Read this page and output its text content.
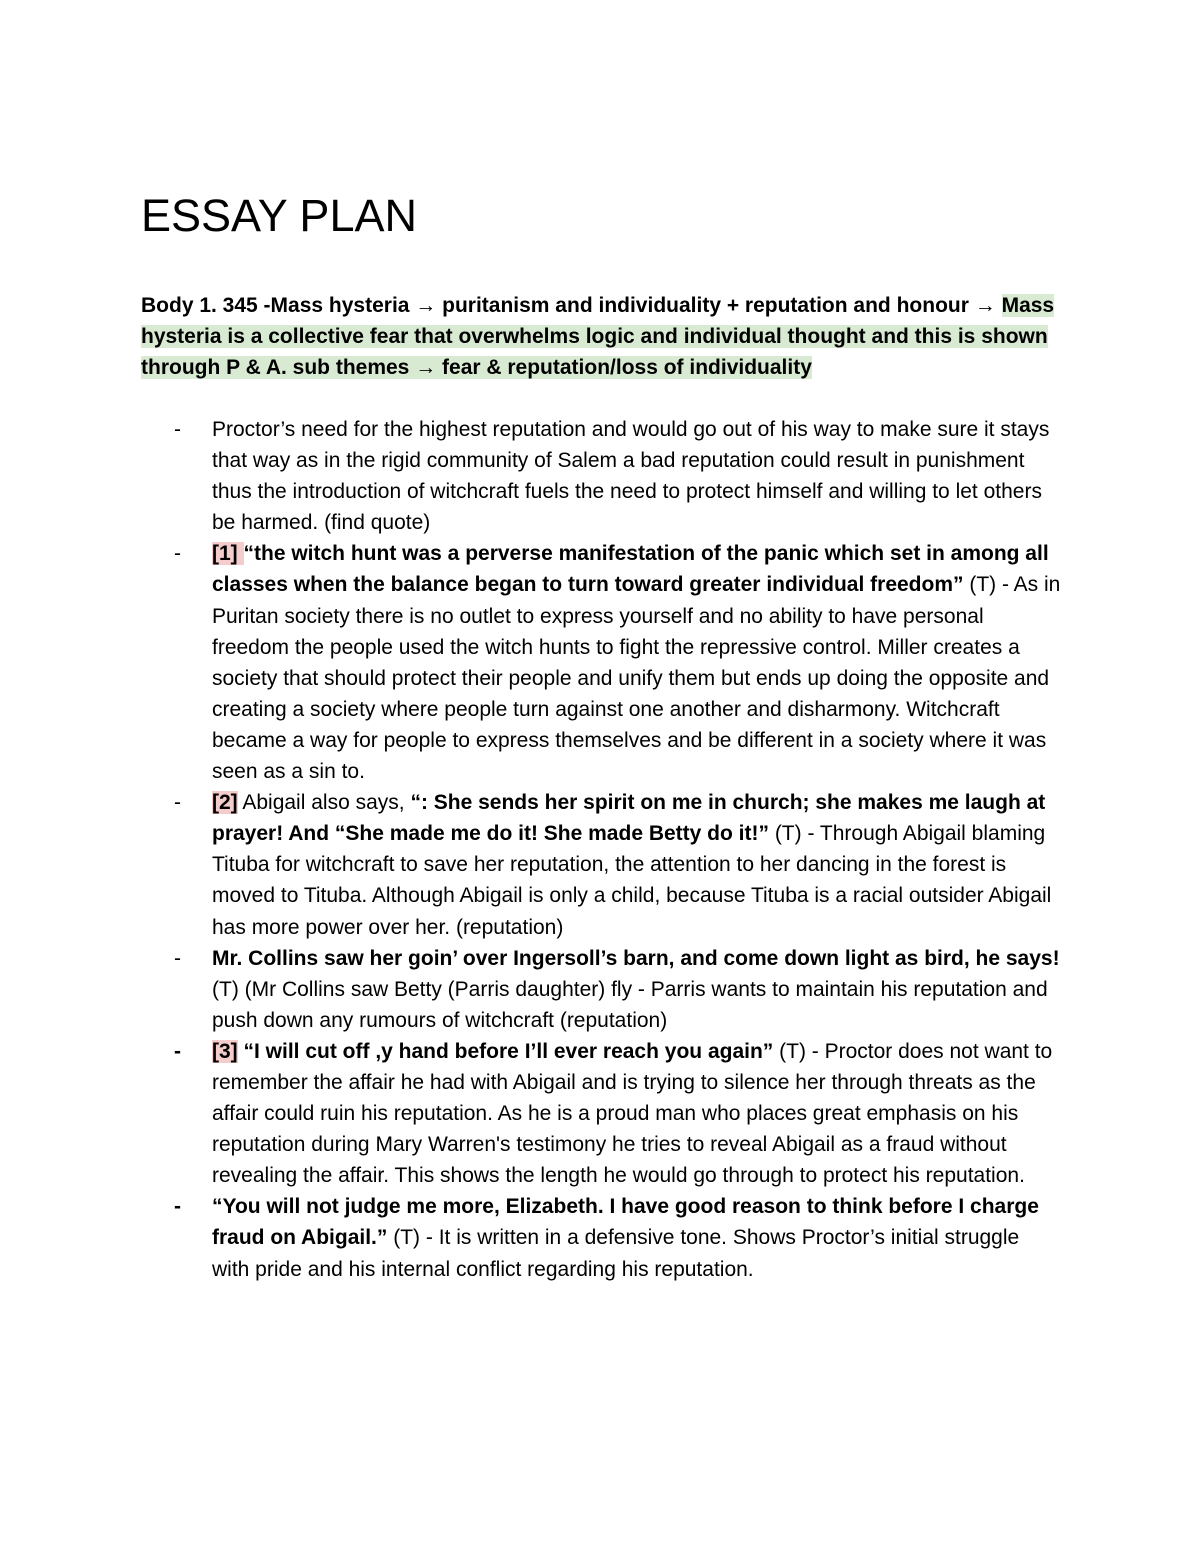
ESSAY PLAN
Body 1. 345 -Mass hysteria → puritanism and individuality + reputation and honour → Mass hysteria is a collective fear that overwhelms logic and individual thought and this is shown through P & A. sub themes → fear & reputation/loss of individuality
- Proctor’s need for the highest reputation and would go out of his way to make sure it stays that way as in the rigid community of Salem a bad reputation could result in punishment thus the introduction of witchcraft fuels the need to protect himself and willing to let others be harmed. (find quote)
- [1] “the witch hunt was a perverse manifestation of the panic which set in among all classes when the balance began to turn toward greater individual freedom” (T) - As in Puritan society there is no outlet to express yourself and no ability to have personal freedom the people used the witch hunts to fight the repressive control. Miller creates a society that should protect their people and unify them but ends up doing the opposite and creating a society where people turn against one another and disharmony. Witchcraft became a way for people to express themselves and be different in a society where it was seen as a sin to.
- [2] Abigail also says, “: She sends her spirit on me in church; she makes me laugh at prayer! And “She made me do it! She made Betty do it!” (T) - Through Abigail blaming Tituba for witchcraft to save her reputation, the attention to her dancing in the forest is moved to Tituba. Although Abigail is only a child, because Tituba is a racial outsider Abigail has more power over her. (reputation)
- Mr. Collins saw her goin’ over Ingersoll’s barn, and come down light as bird, he says! (T) (Mr Collins saw Betty (Parris daughter) fly - Parris wants to maintain his reputation and push down any rumours of witchcraft (reputation)
- [3] “I will cut off ,y hand before I’ll ever reach you again” (T) - Proctor does not want to remember the affair he had with Abigail and is trying to silence her through threats as the affair could ruin his reputation. As he is a proud man who places great emphasis on his reputation during Mary Warren's testimony he tries to reveal Abigail as a fraud without revealing the affair. This shows the length he would go through to protect his reputation.
- “You will not judge me more, Elizabeth. I have good reason to think before I charge fraud on Abigail.” (T) - It is written in a defensive tone. Shows Proctor’s initial struggle with pride and his internal conflict regarding his reputation.
